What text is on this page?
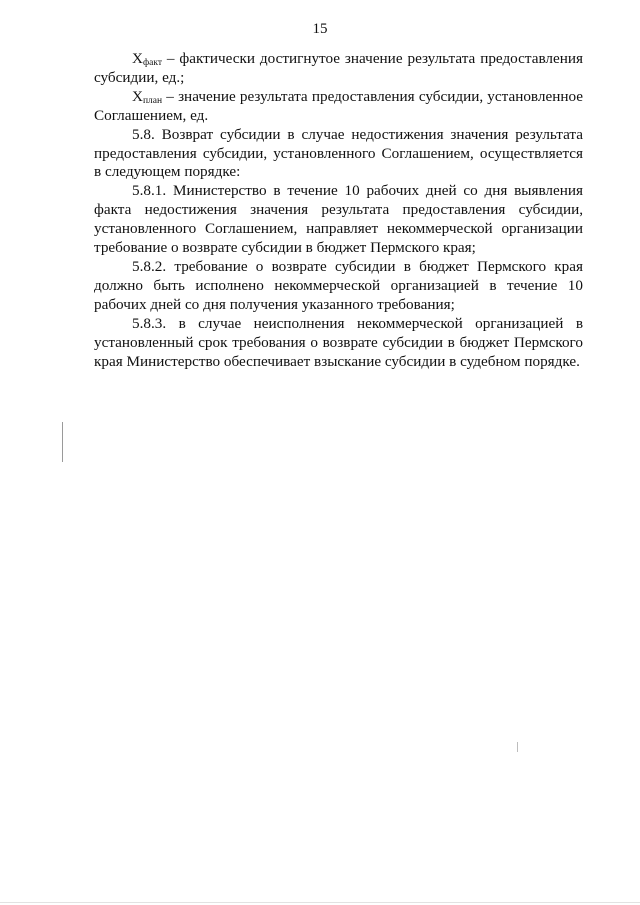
15

$X_{факт}$ – фактически достигнутое значение результата предоставления субсидии, ед.;

$X_{план}$ – значение результата предоставления субсидии, установленное Соглашением, ед.

5.8. Возврат субсидии в случае недостижения значения результата предоставления субсидии, установленного Соглашением, осуществляется в следующем порядке:

5.8.1. Министерство в течение 10 рабочих дней со дня выявления факта недостижения значения результата предоставления субсидии, установленного Соглашением, направляет некоммерческой организации требование о возврате субсидии в бюджет Пермского края;

5.8.2. требование о возврате субсидии в бюджет Пермского края должно быть исполнено некоммерческой организацией в течение 10 рабочих дней со дня получения указанного требования;

5.8.3. в случае неисполнения некоммерческой организацией в установленный срок требования о возврате субсидии в бюджет Пермского края Министерство обеспечивает взыскание субсидии в судебном порядке.
